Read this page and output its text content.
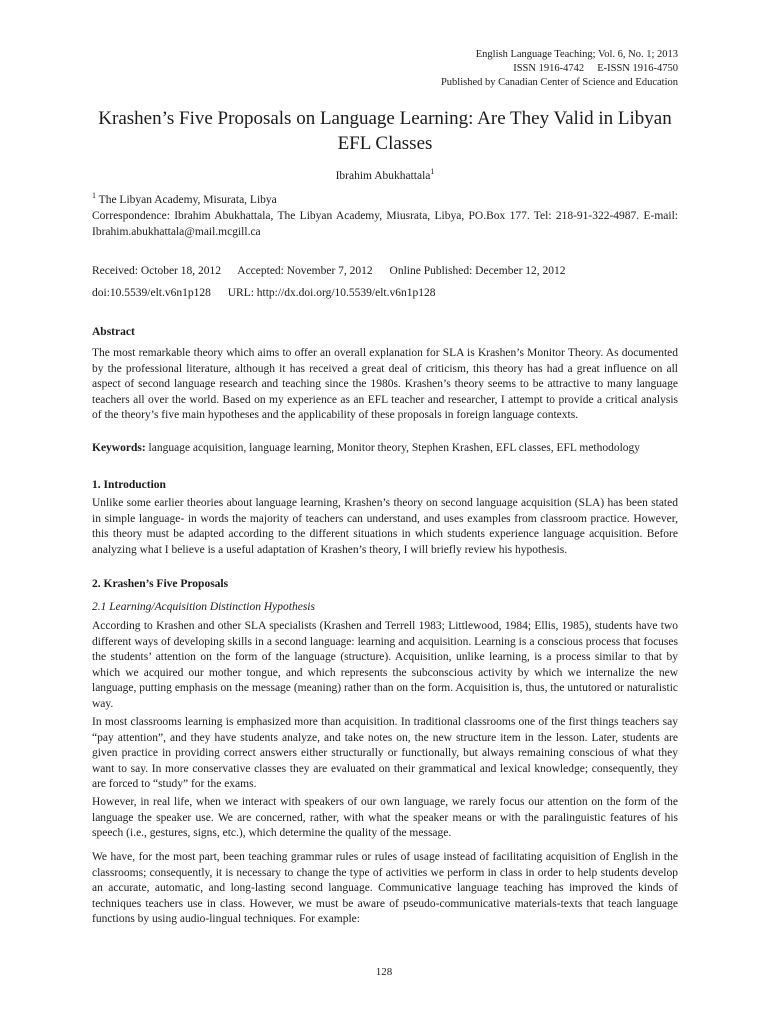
English Language Teaching; Vol. 6, No. 1; 2013
ISSN 1916-4742     E-ISSN 1916-4750
Published by Canadian Center of Science and Education
Krashen’s Five Proposals on Language Learning: Are They Valid in Libyan EFL Classes
Ibrahim Abukhattala$^1$
$^1$ The Libyan Academy, Misurata, Libya
Correspondence: Ibrahim Abukhattala, The Libyan Academy, Miusrata, Libya, PO.Box 177. Tel: 218-91-322-4987. E-mail: Ibrahim.abukhattala@mail.mcgill.ca
Received: October 18, 2012 Accepted: November 7, 2012 Online Published: December 12, 2012
doi:10.5539/elt.v6n1p128 URL: http://dx.doi.org/10.5539/elt.v6n1p128
Abstract

The most remarkable theory which aims to offer an overall explanation for SLA is Krashen’s Monitor Theory. As documented by the professional literature, although it has received a great deal of criticism, this theory has had a great influence on all aspect of second language research and teaching since the 1980s. Krashen’s theory seems to be attractive to many language teachers all over the world. Based on my experience as an EFL teacher and researcher, I attempt to provide a critical analysis of the theory’s five main hypotheses and the applicability of these proposals in foreign language contexts.

Keywords: language acquisition, language learning, Monitor theory, Stephen Krashen, EFL classes, EFL methodology

1. Introduction

Unlike some earlier theories about language learning, Krashen’s theory on second language acquisition (SLA) has been stated in simple language- in words the majority of teachers can understand, and uses examples from classroom practice. However, this theory must be adapted according to the different situations in which students experience language acquisition. Before analyzing what I believe is a useful adaptation of Krashen’s theory, I will briefly review his hypothesis.

2. Krashen’s Five Proposals
2.1 Learning/Acquisition Distinction Hypothesis

According to Krashen and other SLA specialists (Krashen and Terrell 1983; Littlewood, 1984; Ellis, 1985), students have two different ways of developing skills in a second language: learning and acquisition. Learning is a conscious process that focuses the students’ attention on the form of the language (structure). Acquisition, unlike learning, is a process similar to that by which we acquired our mother tongue, and which represents the subconscious activity by which we internalize the new language, putting emphasis on the message (meaning) rather than on the form. Acquisition is, thus, the untutored or naturalistic way.

In most classrooms learning is emphasized more than acquisition. In traditional classrooms one of the first things teachers say “pay attention”, and they have students analyze, and take notes on, the new structure item in the lesson. Later, students are given practice in providing correct answers either structurally or functionally, but always remaining conscious of what they want to say. In more conservative classes they are evaluated on their grammatical and lexical knowledge; consequently, they are forced to “study” for the exams.

However, in real life, when we interact with speakers of our own language, we rarely focus our attention on the form of the language the speaker use. We are concerned, rather, with what the speaker means or with the paralinguistic features of his speech (i.e., gestures, signs, etc.), which determine the quality of the message.

We have, for the most part, been teaching grammar rules or rules of usage instead of facilitating acquisition of English in the classrooms; consequently, it is necessary to change the type of activities we perform in class in order to help students develop an accurate, automatic, and long-lasting second language. Communicative language teaching has improved the kinds of techniques teachers use in class. However, we must be aware of pseudo-communicative materials-texts that teach language functions by using audio-lingual techniques. For example:

128
